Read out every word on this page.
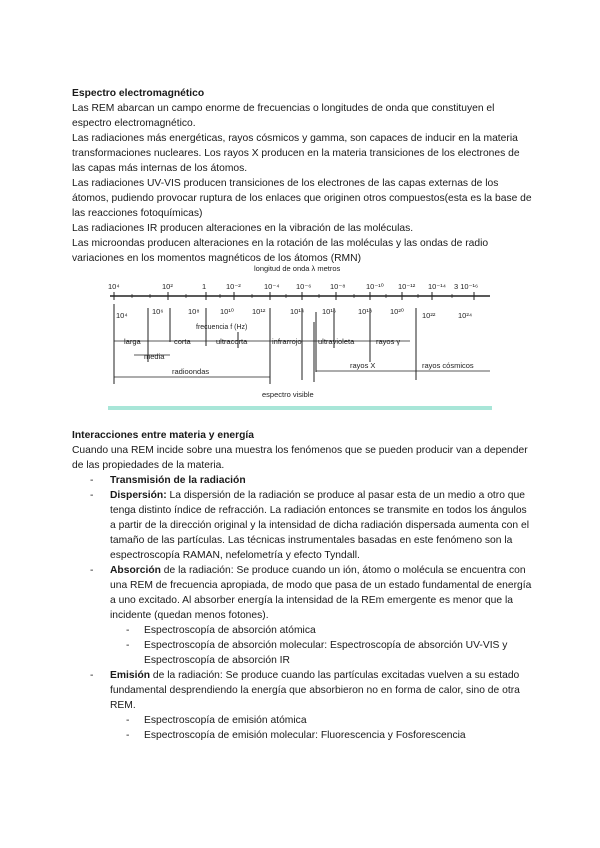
Espectro electromagnético

Las REM abarcan un campo enorme de frecuencias o longitudes de onda que constituyen el espectro electromagnético.

Las radiaciones más energéticas, rayos cósmicos y gamma, son capaces de inducir en la materia transformaciones nucleares. Los rayos X producen en la materia transiciones de los electrones de las capas más internas de los átomos.

Las radiaciones UV-VIS producen transiciones de los electrones de las capas externas de los átomos, pudiendo provocar ruptura de los enlaces que originen otros compuestos(esta es la base de las reacciones fotoquímicas)

Las radiaciones IR producen alteraciones en la vibración de las moléculas.

Las microondas producen alteraciones en la rotación de las moléculas y las ondas de radio variaciones en los momentos magnéticos de los átomos (RMN)

longitud de onda λ metros
10⁴	10²	1	10⁻²	10⁻⁴ 10⁻⁶ 10⁻⁸	10⁻¹⁰ 10⁻¹² 10⁻¹⁴ 3 10⁻¹⁶
10⁴	10⁶	10⁸	10¹⁰ 10¹²	10¹⁴ 10¹⁶	10¹⁸ 10²⁰ 10²²	10²⁴
frecuencia f (Hz)
larga	corta	ultracorta	infrarrojo ultravioleta	rayos γ
media
radioondas
rayos X	rayos cósmicos
espectro visible
Interacciones entre materia y energía

Cuando una REM incide sobre una muestra los fenómenos que se pueden producir van a depender de las propiedades de la materia.

- Transmisión de la radiación
- Dispersión: La dispersión de la radiación se produce al pasar esta de un medio a otro que tenga distinto índice de refracción. La radiación entonces se transmite en todos los ángulos a partir de la dirección original y la intensidad de dicha radiación dispersada aumenta con el tamaño de las partículas. Las técnicas instrumentales basadas en este fenómeno son la espectroscopía RAMAN, nefelometría y efecto Tyndall.
- Absorción de la radiación: Se produce cuando un ión, átomo o molécula se encuentra con una REM de frecuencia apropiada, de modo que pasa de un estado fundamental de energía a uno excitado. Al absorber energía la intensidad de la REm emergente es menor que la incidente (quedan menos fotones).
- Espectroscopía de absorción atómica
- Espectroscopía de absorción molecular: Espectroscopía de absorción UV-VIS y Espectroscopía de absorción IR
- Emisión de la radiación: Se produce cuando las partículas excitadas vuelven a su estado fundamental desprendiendo la energía que absorbieron no en forma de calor, sino de otra REM.
- Espectroscopía de emisión atómica
- Espectroscopía de emisión molecular: Fluorescencia y Fosforescencia
